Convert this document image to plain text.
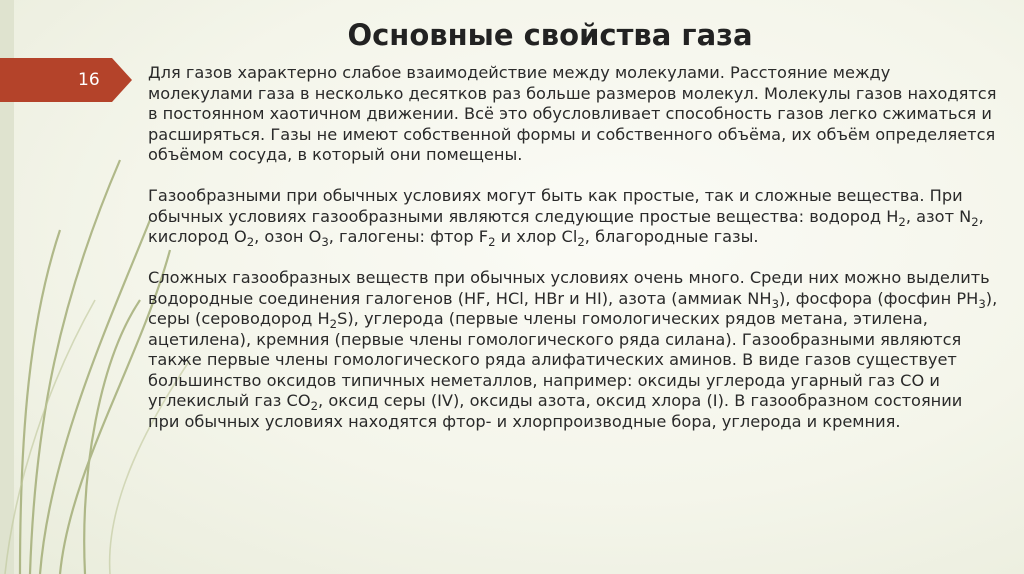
16
Основные свойства газа

Для газов характерно слабое взаимодействие между молекулами. Расстояние между молекулами газа в несколько десятков раз больше размеров молекул. Молекулы газов находятся в постоянном хаотичном движении. Всё это обусловливает способность газов легко сжиматься и расширяться. Газы не имеют собственной формы и собственного объёма, их объём определяется объёмом сосуда, в который они помещены.

Газообразными при обычных условиях могут быть как простые, так и сложные вещества. При обычных условиях газообразными являются следующие простые вещества: водород $H_2$, азот $N_2$, кислород $O_2$, озон $O_3$, галогены: фтор $F_2$ и хлор $Cl_2$, благородные газы.

Сложных газообразных веществ при обычных условиях очень много. Среди них можно выделить водородные соединения галогенов (HF, HCl, HBr и HI), азота (аммиак $NH_3$), фосфора (фосфин $PH_3$), серы (сероводород $H_2S$), углерода (первые члены гомологических рядов метана, этилена, ацетилена), кремния (первые члены гомологического ряда силана). Газообразными являются также первые члены гомологического ряда алифатических аминов. В виде газов существует большинство оксидов типичных неметаллов, например: оксиды углерода угарный газ CO и углекислый газ $CO_2$, оксид серы (IV), оксиды азота, оксид хлора (I). В газообразном состоянии при обычных условиях находятся фтор- и хлорпроизводные бора, углерода и кремния.
